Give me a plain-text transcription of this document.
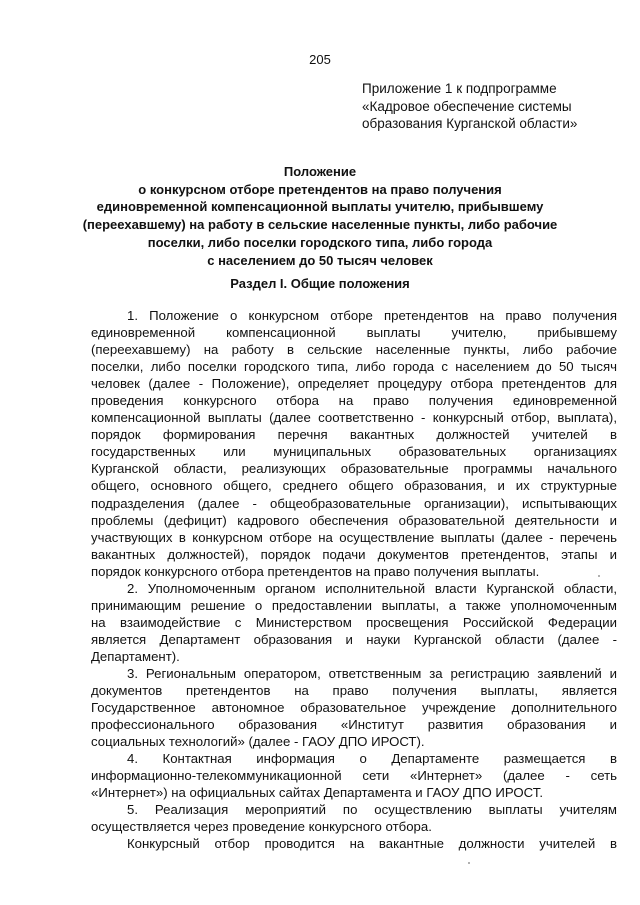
205
Приложение 1 к подпрограмме
«Кадровое обеспечение системы
образования Курганской области»
Положение
о конкурсном отборе претендентов на право получения
единовременной компенсационной выплаты учителю, прибывшему
(переехавшему) на работу в сельские населенные пункты, либо рабочие
поселки, либо поселки городского типа, либо города
с населением до 50 тысяч человек
Раздел I. Общие положения
1. Положение о конкурсном отборе претендентов на право получения
единовременной компенсационной выплаты учителю, прибывшему
(переехавшему) на работу в сельские населенные пункты, либо рабочие
поселки, либо поселки городского типа, либо города с населением до 50 тысяч
человек (далее - Положение), определяет процедуру отбора претендентов для
проведения конкурсного отбора на право получения единовременной
компенсационной выплаты (далее соответственно - конкурсный отбор, выплата),
порядок формирования перечня вакантных должностей учителей в
государственных или муниципальных образовательных организациях
Курганской области, реализующих образовательные программы начального
общего, основного общего, среднего общего образования, и их структурные
подразделения (далее - общеобразовательные организации), испытывающих
проблемы (дефицит) кадрового обеспечения образовательной деятельности и
участвующих в конкурсном отборе на осуществление выплаты (далее - перечень
вакантных должностей), порядок подачи документов претендентов, этапы и
порядок конкурсного отбора претендентов на право получения выплаты.
2. Уполномоченным органом исполнительной власти Курганской области,
принимающим решение о предоставлении выплаты, а также уполномоченным
на взаимодействие с Министерством просвещения Российской Федерации
является Департамент образования и науки Курганской области (далее -
Департамент).
3. Региональным оператором, ответственным за регистрацию заявлений и
документов претендентов на право получения выплаты, является
Государственное автономное образовательное учреждение дополнительного
профессионального образования «Институт развития образования и
социальных технологий» (далее - ГАОУ ДПО ИРОСТ).
4. Контактная информация о Департаменте размещается в
информационно-телекоммуникационной сети «Интернет» (далее - сеть
«Интернет») на официальных сайтах Департамента и ГАОУ ДПО ИРОСТ.
5. Реализация мероприятий по осуществлению выплаты учителям
осуществляется через проведение конкурсного отбора.
Конкурсный отбор проводится на вакантные должности учителей в
